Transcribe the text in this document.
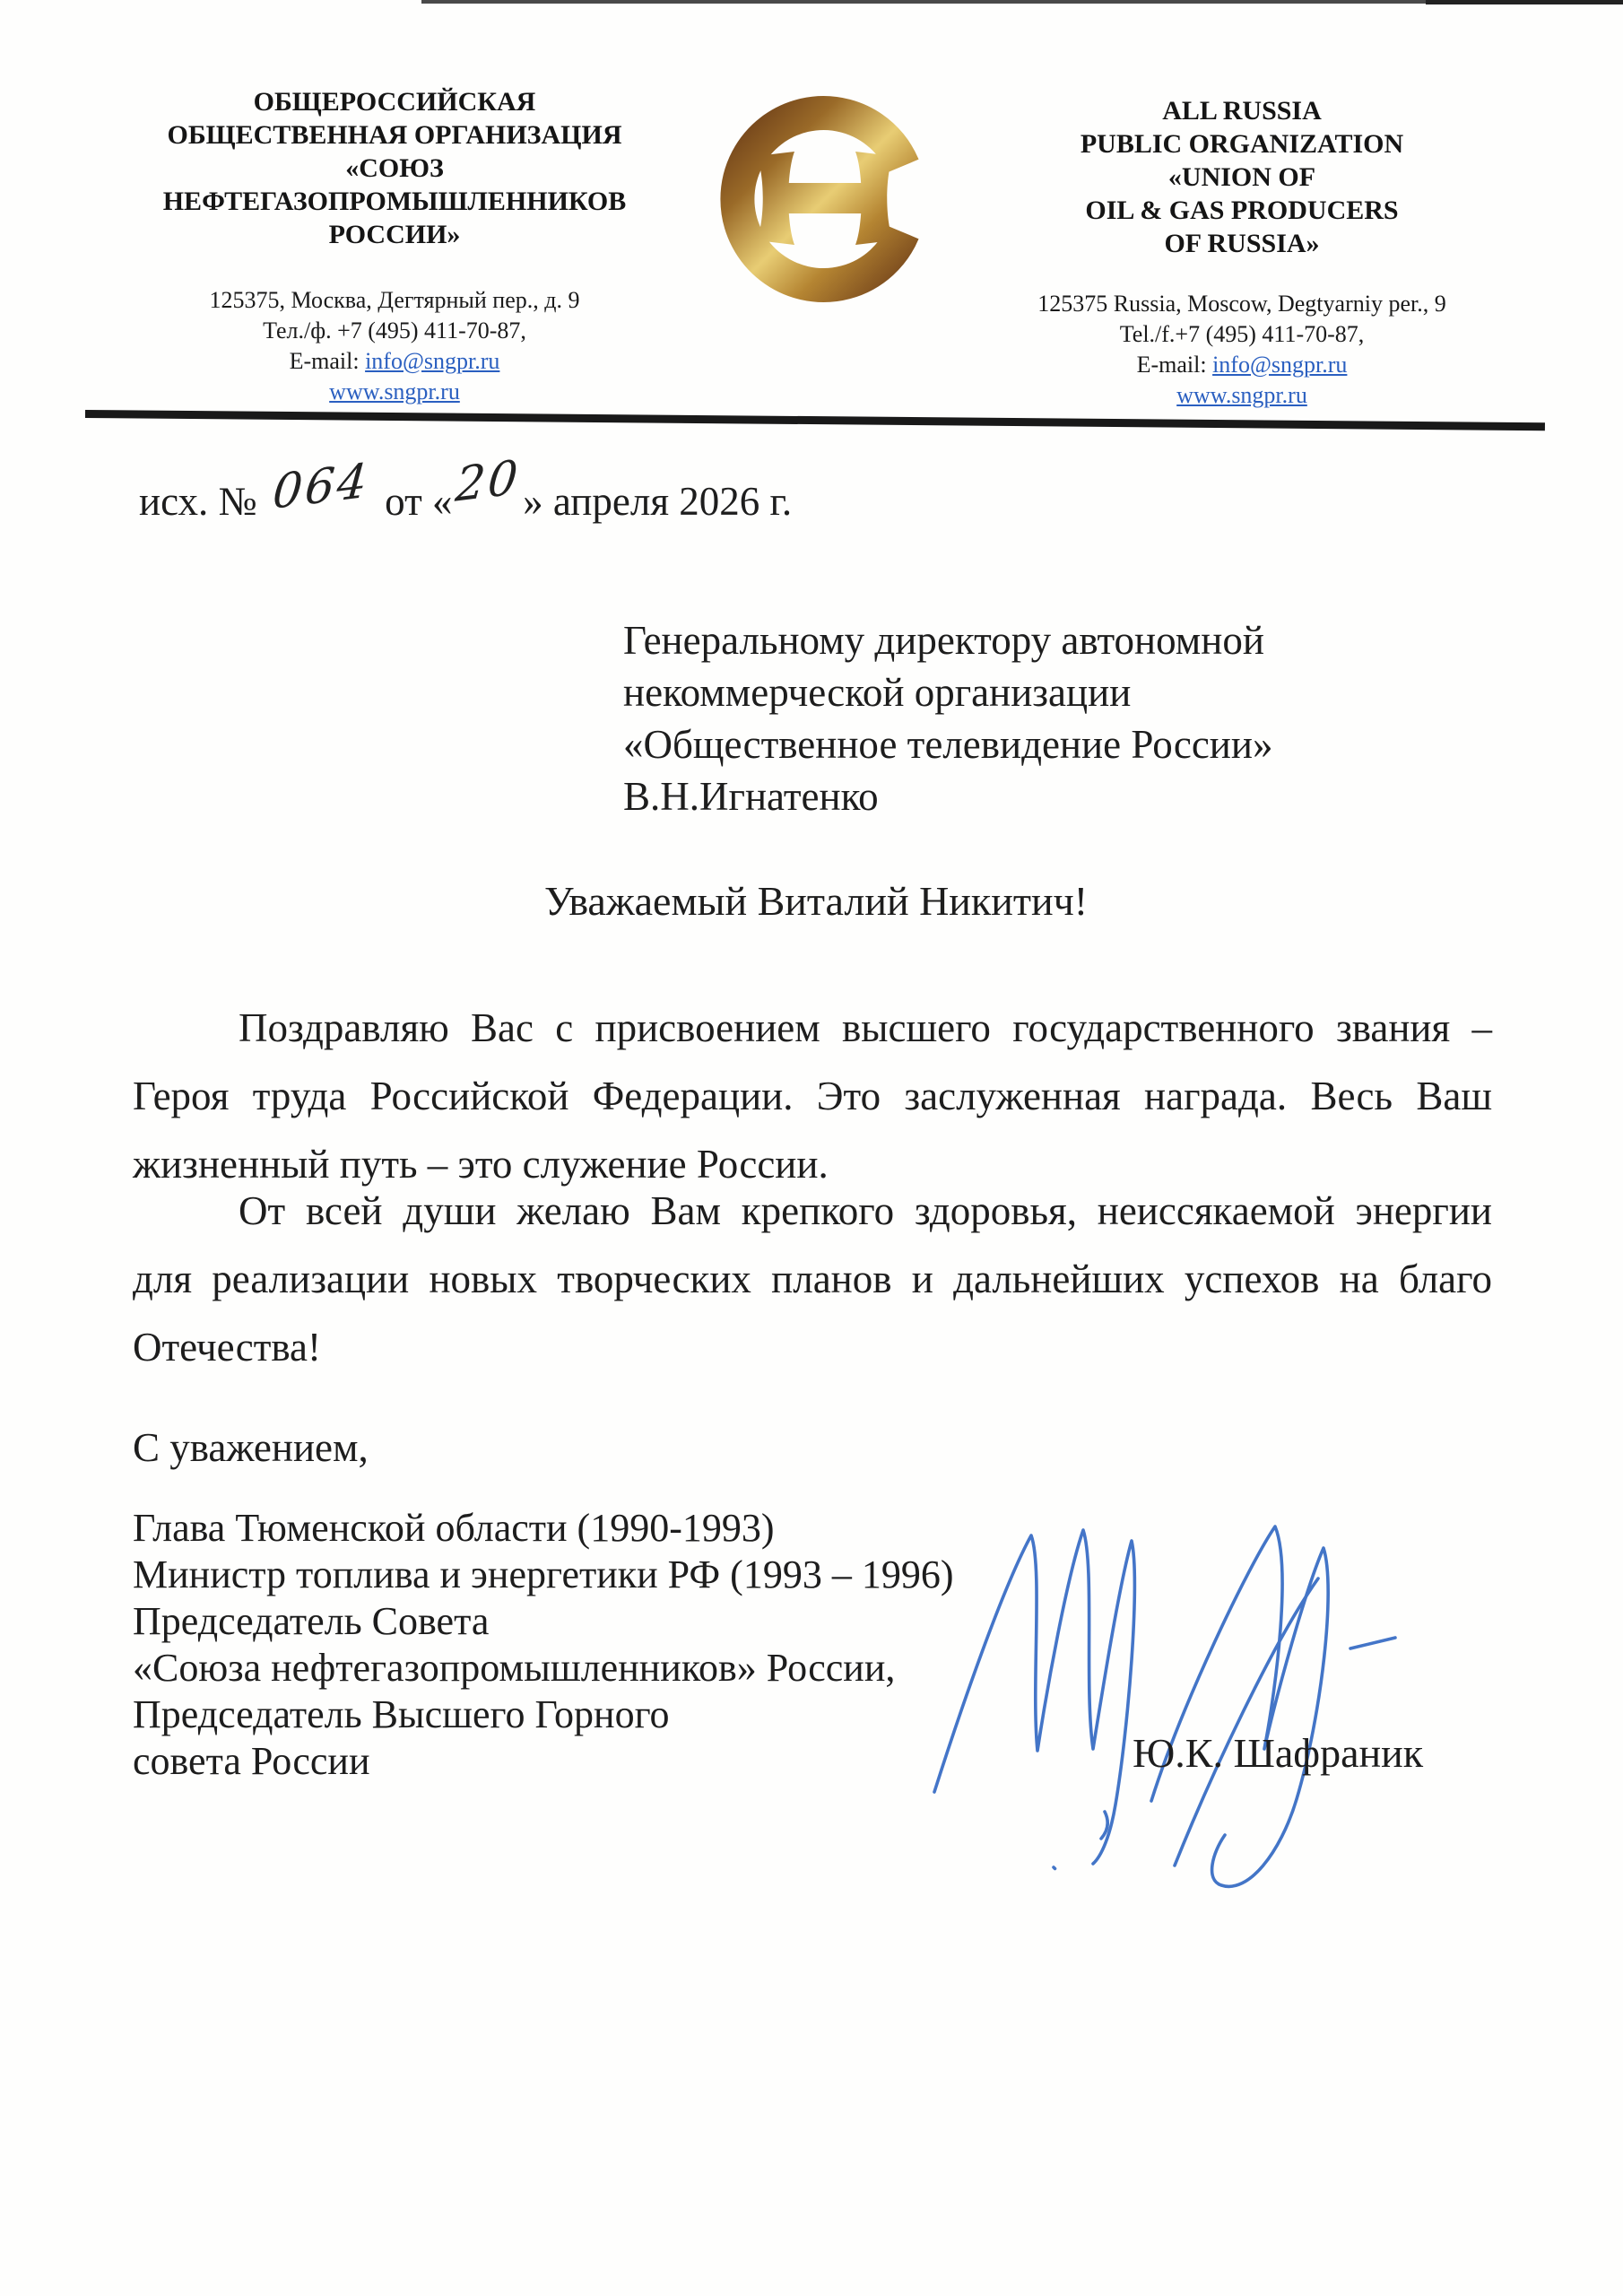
ОБЩЕРОССИЙСКАЯ
ОБЩЕСТВЕННАЯ ОРГАНИЗАЦИЯ
«СОЮЗ
НЕФТЕГАЗОПРОМЫШЛЕННИКОВ
РОССИИ»
125375, Москва, Дегтярный пер., д. 9
Тел./ф. +7 (495) 411-70-87,
E-mail: info@sngpr.ru
www.sngpr.ru
ALL RUSSIA
PUBLIC ORGANIZATION
«UNION OF
OIL & GAS PRODUCERS
OF RUSSIA»
125375 Russia, Moscow, Degtyarniy per., 9
Tel./f.+7 (495) 411-70-87,
E-mail: info@sngpr.ru
www.sngpr.ru
исх. № 064 от « 20 » апреля 2026 г.
Генеральному директору автономной
некоммерческой организации
«Общественное телевидение России»
В.Н.Игнатенко
Уважаемый Виталий Никитич!
Поздравляю Вас с присвоением высшего государственного звания –
Героя труда Российской Федерации. Это заслуженная награда. Весь Ваш
жизненный путь – это служение России.
От всей души желаю Вам крепкого здоровья, неиссякаемой энергии
для реализации новых творческих планов и дальнейших успехов на благо
Отечества!
С уважением,
Глава Тюменской области (1990-1993)
Министр топлива и энергетики РФ (1993 – 1996)
Председатель Совета
«Союза нефтегазопромышленников» России,
Председатель Высшего Горного
совета России	Ю.К. Шафраник
